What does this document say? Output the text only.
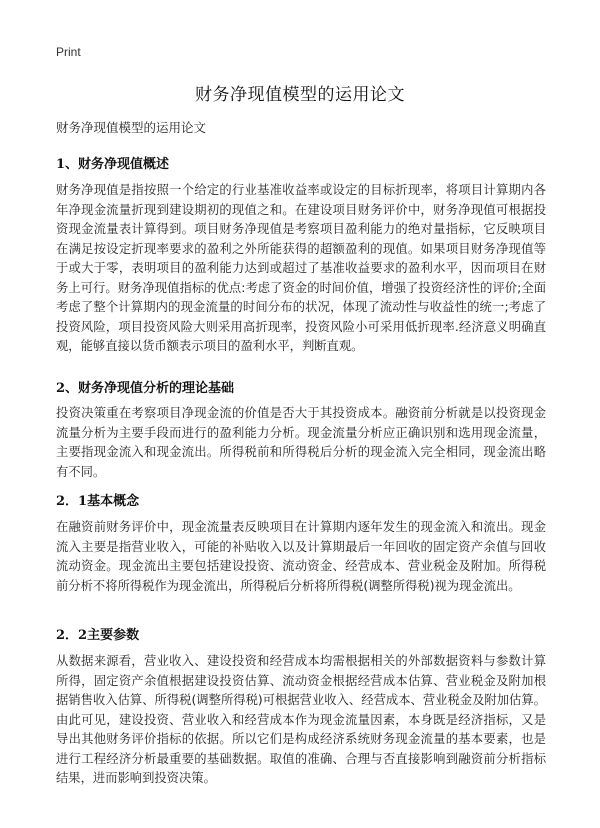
Print
财务净现值模型的运用论文
财务净现值模型的运用论文
1、财务净现值概述

财务净现值是指按照一个给定的行业基准收益率或设定的目标折现率，将项目计算期内各年净现金流量折现到建设期初的现值之和。在建设项目财务评价中，财务净现值可根据投资现金流量表计算得到。项目财务净现值是考察项目盈利能力的绝对量指标，它反映项目在满足按设定折现率要求的盈利之外所能获得的超额盈利的现值。如果项目财务净现值等于或大于零，表明项目的盈利能力达到或超过了基准收益要求的盈利水平，因而项目在财务上可行。财务净现值指标的优点:考虑了资金的时间价值，增强了投资经济性的评价;全面考虑了整个计算期内的现金流量的时间分布的状况，体现了流动性与收益性的统一;考虑了投资风险，项目投资风险大则采用高折现率，投资风险小可采用低折现率.经济意义明确直观，能够直接以货币额表示项目的盈利水平，判断直观。

2、财务净现值分析的理论基础

投资决策重在考察项目净现金流的价值是否大于其投资成本。融资前分析就是以投资现金流量分析为主要手段而进行的盈利能力分析。现金流量分析应正确识别和选用现金流量，主要指现金流入和现金流出。所得税前和所得税后分析的现金流入完全相同，现金流出略有不同。

2．1基本概念

在融资前财务评价中，现金流量表反映项目在计算期内逐年发生的现金流入和流出。现金流入主要是指营业收入，可能的补贴收入以及计算期最后一年回收的固定资产余值与回收流动资金。现金流出主要包括建设投资、流动资金、经营成本、营业税金及附加。所得税前分析不将所得税作为现金流出，所得税后分析将所得税(调整所得税)视为现金流出。

2．2主要参数

从数据来源看，营业收入、建设投资和经营成本均需根据相关的外部数据资料与参数计算所得，固定资产余值根据建设投资估算、流动资金根据经营成本估算、营业税金及附加根据销售收入估算、所得税(调整所得税)可根据营业收入、经营成本、营业税金及附加估算。由此可见，建设投资、营业收入和经营成本作为现金流量因素，本身既是经济指标，又是导出其他财务评价指标的依据。所以它们是构成经济系统财务现金流量的基本要素，也是进行工程经济分析最重要的基础数据。取值的准确、合理与否直接影响到融资前分析指标结果，进而影响到投资决策。
